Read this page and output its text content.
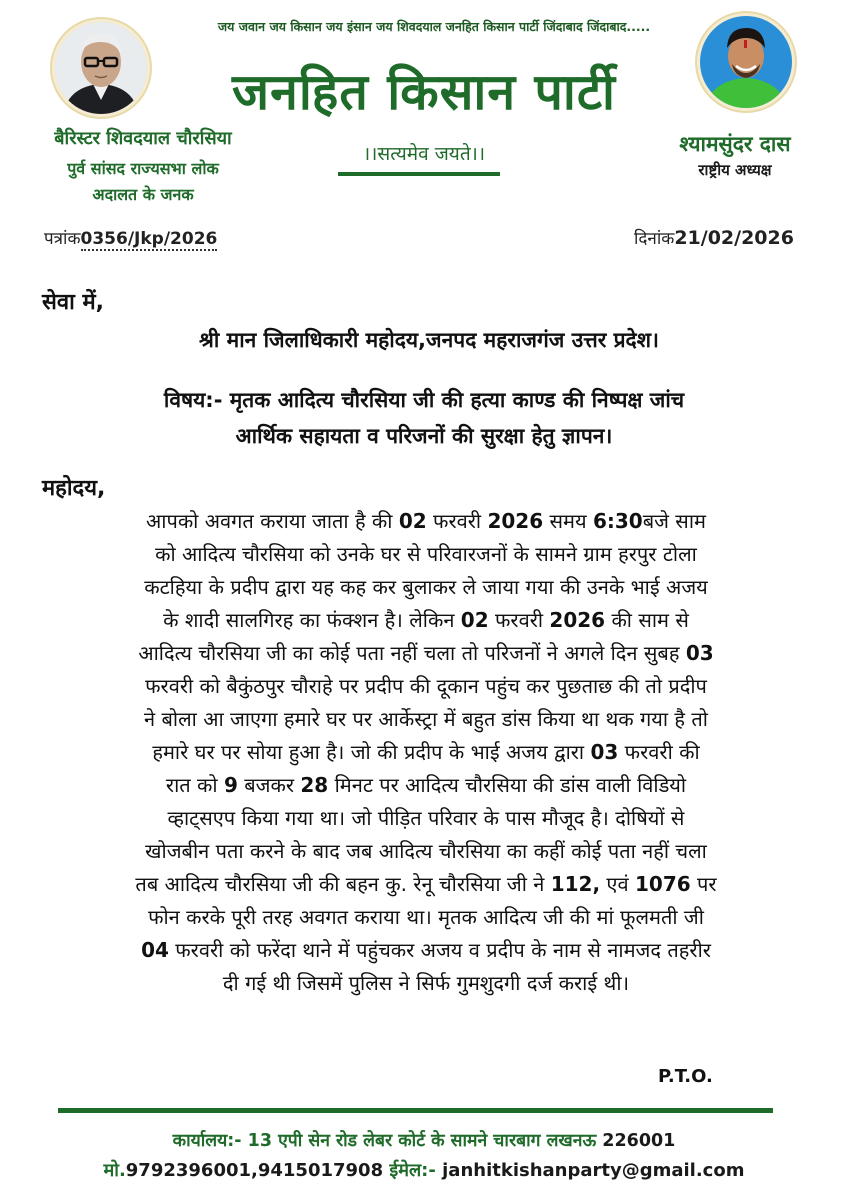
जय जवान जय किसान जय इंसान जय शिवदयाल जनहित किसान पार्टी जिंदाबाद जिंदाबाद.....
जनहित किसान पार्टी
बैरिस्टर शिवदयाल चौरसिया
पुर्व सांसद राज्यसभा लोक
अदालत के जनक
।।सत्यमेव जयते।।	श्यामसुंदर दास
राष्ट्रीय अध्यक्ष
पत्रांक0356/Jkp/2026	दिनांक21/02/2026
सेवा में,
श्री मान जिलाधिकारी महोदय,जनपद महराजगंज उत्तर प्रदेश।
विषय:- मृतक आदित्य चौरसिया जी की हत्या काण्ड की निष्पक्ष जांच
आर्थिक सहायता व परिजनों की सुरक्षा हेतु ज्ञापन।
महोदय,
आपको अवगत कराया जाता है की 02 फरवरी 2026 समय 6:30बजे साम
को आदित्य चौरसिया को उनके घर से परिवारजनों के सामने ग्राम हरपुर टोला
कटहिया के प्रदीप द्वारा यह कह कर बुलाकर ले जाया गया की उनके भाई अजय
के शादी सालगिरह का फंक्शन है। लेकिन 02 फरवरी 2026 की साम से
आदित्य चौरसिया जी का कोई पता नहीं चला तो परिजनों ने अगले दिन सुबह 03
फरवरी को बैकुंठपुर चौराहे पर प्रदीप की दूकान पहुंच कर पुछताछ की तो प्रदीप
ने बोला आ जाएगा हमारे घर पर आर्केस्ट्रा में बहुत डांस किया था थक गया है तो
हमारे घर पर सोया हुआ है। जो की प्रदीप के भाई अजय द्वारा 03 फरवरी की
रात को 9 बजकर 28 मिनट पर आदित्य चौरसिया की डांस वाली विडियो
व्हाट्सएप किया गया था। जो पीड़ित परिवार के पास मौजूद है। दोषियों से
खोजबीन पता करने के बाद जब आदित्य चौरसिया का कहीं कोई पता नहीं चला
तब आदित्य चौरसिया जी की बहन कु. रेनू चौरसिया जी ने 112, एवं 1076 पर
फोन करके पूरी तरह अवगत कराया था। मृतक आदित्य जी की मां फूलमती जी
04 फरवरी को फरेंदा थाने में पहुंचकर अजय व प्रदीप के नाम से नामजद तहरीर
दी गई थी जिसमें पुलिस ने सिर्फ गुमशुदगी दर्ज कराई थी।
P.T.O.
कार्यालय:- 13 एपी सेन रोड लेबर कोर्ट के सामने चारबाग लखनऊ 226001
मो.9792396001,9415017908 ईमेल:- janhitkishanparty@gmail.com
